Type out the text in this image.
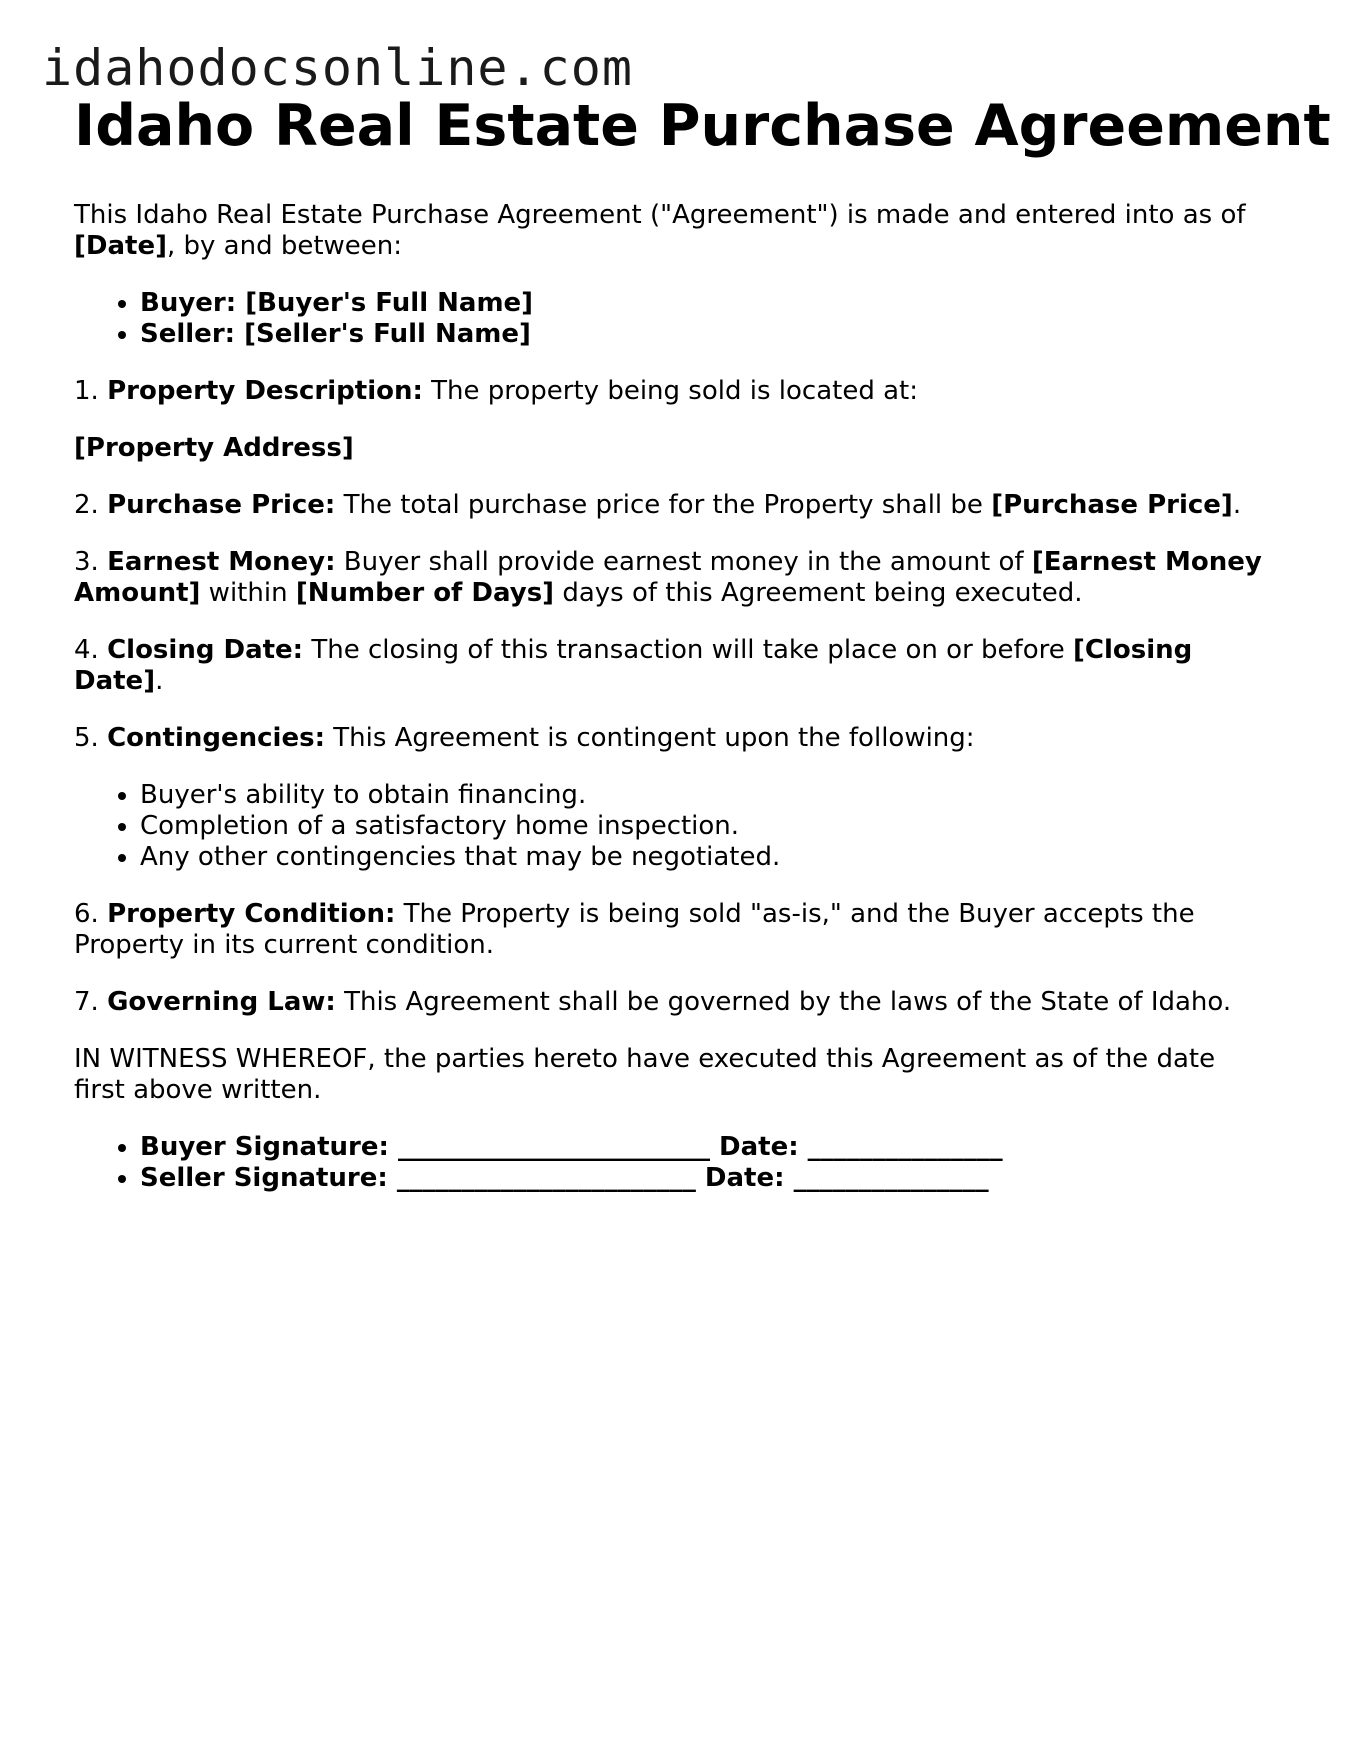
idahodocsonline.com
Idaho Real Estate Purchase Agreement

This Idaho Real Estate Purchase Agreement ("Agreement") is made and entered into as of [Date], by and between:

• Buyer: [Buyer's Full Name]
• Seller: [Seller's Full Name]

1. Property Description: The property being sold is located at:

[Property Address]

2. Purchase Price: The total purchase price for the Property shall be [Purchase Price].

3. Earnest Money: Buyer shall provide earnest money in the amount of [Earnest Money Amount] within [Number of Days] days of this Agreement being executed.

4. Closing Date: The closing of this transaction will take place on or before [Closing Date].

5. Contingencies: This Agreement is contingent upon the following:

• Buyer's ability to obtain financing.
• Completion of a satisfactory home inspection.
• Any other contingencies that may be negotiated.

6. Property Condition: The Property is being sold "as-is," and the Buyer accepts the Property in its current condition.

7. Governing Law: This Agreement shall be governed by the laws of the State of Idaho.

IN WITNESS WHEREOF, the parties hereto have executed this Agreement as of the date first above written.

• Buyer Signature: ________________________ Date: _______________
• Seller Signature: _______________________ Date: _______________
